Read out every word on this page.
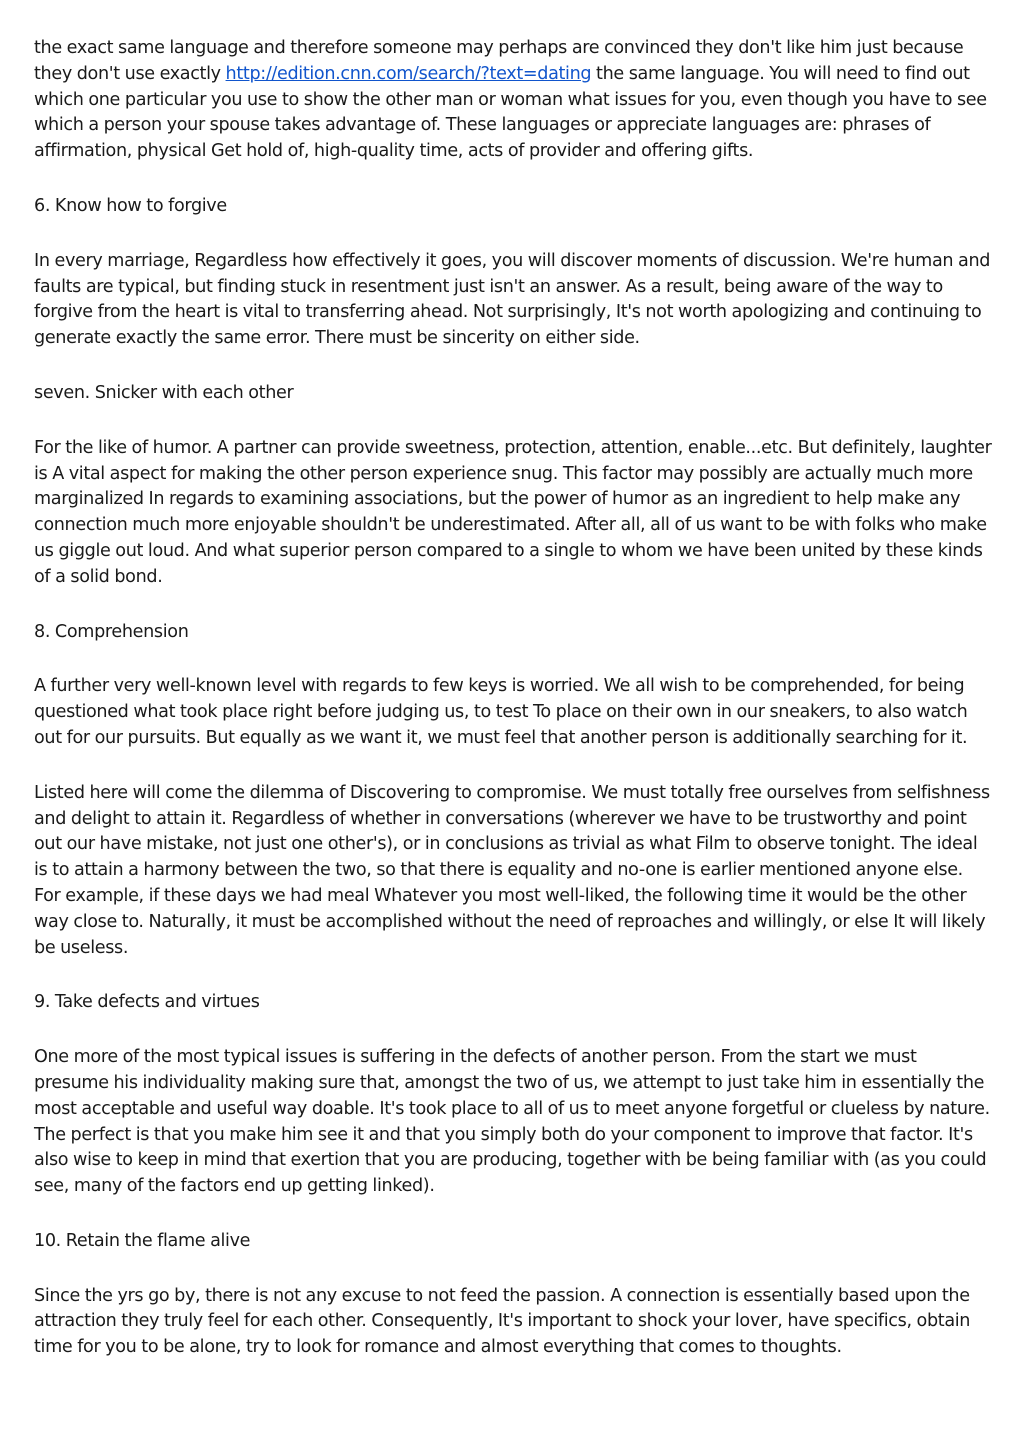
the exact same language and therefore someone may perhaps are convinced they don't like him just because they don't use exactly http://edition.cnn.com/search/?text=dating the same language. You will need to find out which one particular you use to show the other man or woman what issues for you, even though you have to see which a person your spouse takes advantage of. These languages or appreciate languages are: phrases of affirmation, physical Get hold of, high-quality time, acts of provider and offering gifts.

6. Know how to forgive

In every marriage, Regardless how effectively it goes, you will discover moments of discussion. We're human and faults are typical, but finding stuck in resentment just isn't an answer. As a result, being aware of the way to forgive from the heart is vital to transferring ahead. Not surprisingly, It's not worth apologizing and continuing to generate exactly the same error. There must be sincerity on either side.

seven. Snicker with each other

For the like of humor. A partner can provide sweetness, protection, attention, enable...etc. But definitely, laughter is A vital aspect for making the other person experience snug. This factor may possibly are actually much more marginalized In regards to examining associations, but the power of humor as an ingredient to help make any connection much more enjoyable shouldn't be underestimated. After all, all of us want to be with folks who make us giggle out loud. And what superior person compared to a single to whom we have been united by these kinds of a solid bond.

8. Comprehension

A further very well-known level with regards to few keys is worried. We all wish to be comprehended, for being questioned what took place right before judging us, to test To place on their own in our sneakers, to also watch out for our pursuits. But equally as we want it, we must feel that another person is additionally searching for it.

Listed here will come the dilemma of Discovering to compromise. We must totally free ourselves from selfishness and delight to attain it. Regardless of whether in conversations (wherever we have to be trustworthy and point out our have mistake, not just one other's), or in conclusions as trivial as what Film to observe tonight. The ideal is to attain a harmony between the two, so that there is equality and no-one is earlier mentioned anyone else. For example, if these days we had meal Whatever you most well-liked, the following time it would be the other way close to. Naturally, it must be accomplished without the need of reproaches and willingly, or else It will likely be useless.

9. Take defects and virtues

One more of the most typical issues is suffering in the defects of another person. From the start we must presume his individuality making sure that, amongst the two of us, we attempt to just take him in essentially the most acceptable and useful way doable. It's took place to all of us to meet anyone forgetful or clueless by nature. The perfect is that you make him see it and that you simply both do your component to improve that factor. It's also wise to keep in mind that exertion that you are producing, together with be being familiar with (as you could see, many of the factors end up getting linked).

10. Retain the flame alive

Since the yrs go by, there is not any excuse to not feed the passion. A connection is essentially based upon the attraction they truly feel for each other. Consequently, It's important to shock your lover, have specifics, obtain time for you to be alone, try to look for romance and almost everything that comes to thoughts.
